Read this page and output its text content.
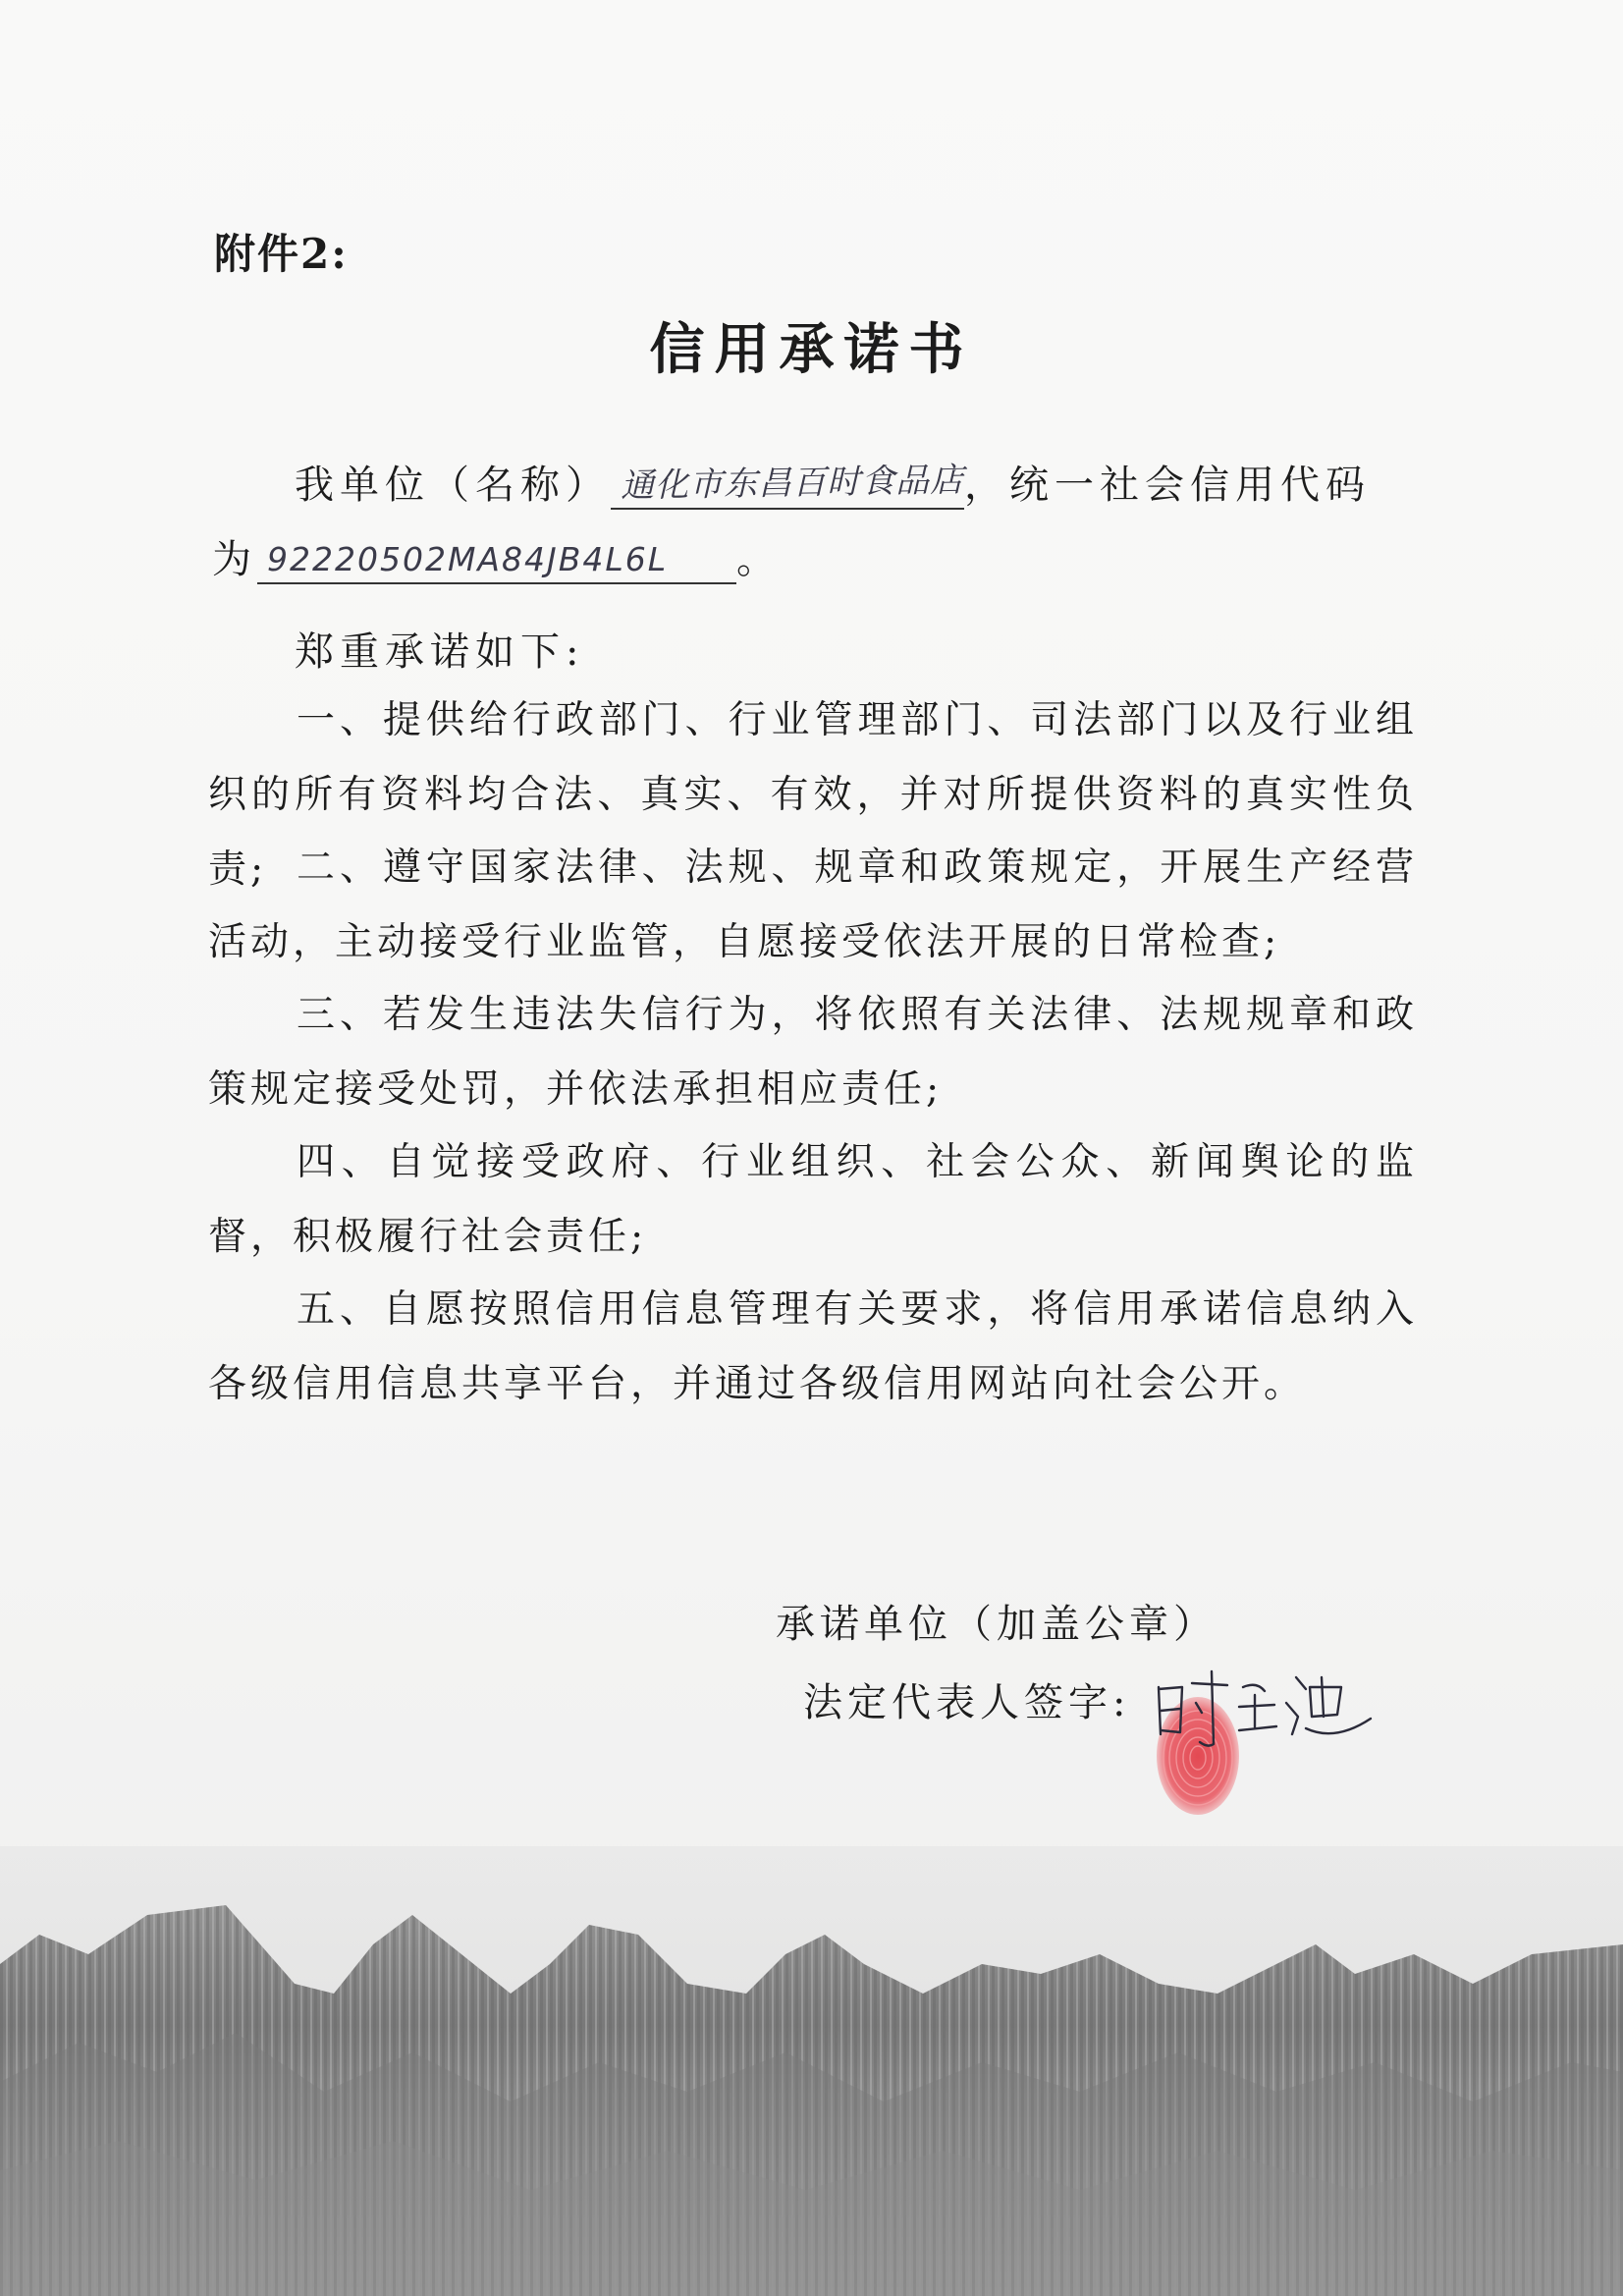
附件2:

信用承诺书
我单位（名称） 通化市东昌百时食品店 ，统一社会信用代码
为 92220502MA84JB4L6L 。
郑重承诺如下:

一、提供给行政部门、行业管理部门、司法部门以及行业组织的所有资料均合法、真实、有效，并对所提供资料的真实性负责; 二、遵守国家法律、法规、规章和政策规定，开展生产经营活动，主动接受行业监管，自愿接受依法开展的日常检查;

三、若发生违法失信行为，将依照有关法律、法规规章和政策规定接受处罚，并依法承担相应责任;

四、自觉接受政府、行业组织、社会公众、新闻舆论的监督，积极履行社会责任;

五、自愿按照信用信息管理有关要求，将信用承诺信息纳入各级信用信息共享平台，并通过各级信用网站向社会公开。

承诺单位（加盖公章）
法定代表人签字:
